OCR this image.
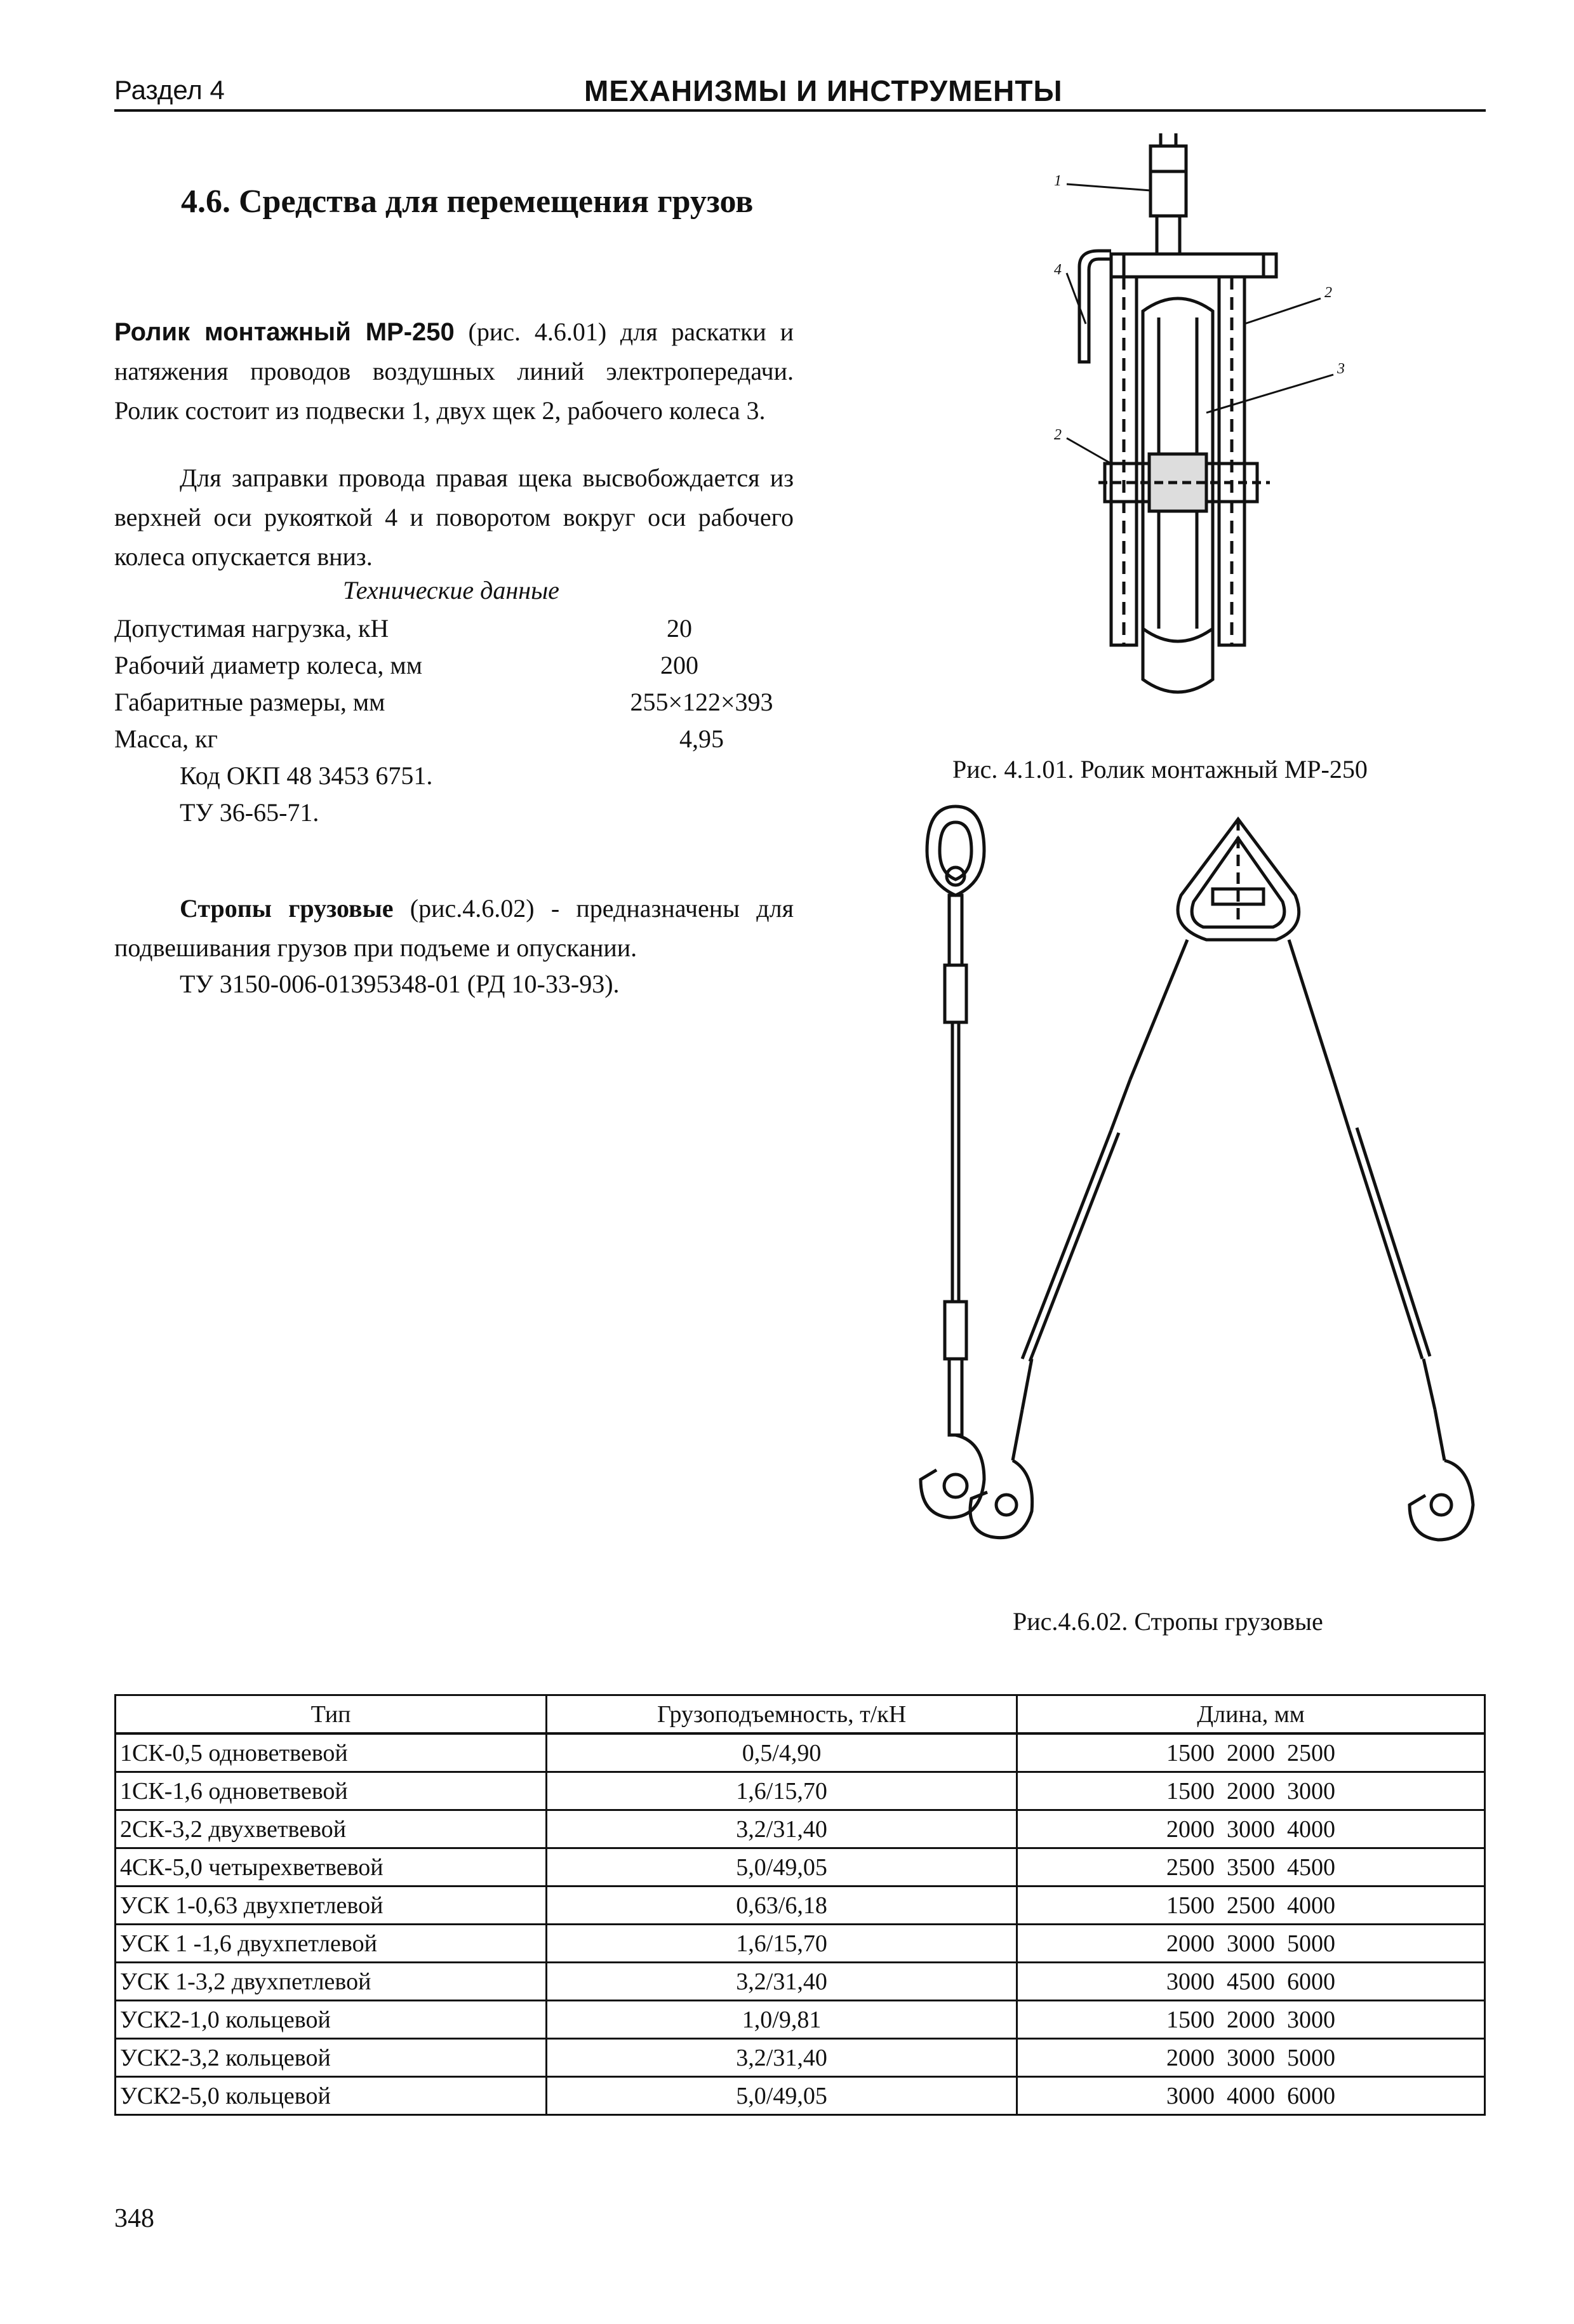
Раздел 4	МЕХАНИЗМЫ И ИНСТРУМЕНТЫ
4.6. Средства для перемещения грузов
Ролик монтажный МР-250 (рис. 4.6.01) для раскатки и натяжения проводов воздушных линий электропередачи. Ролик состоит из подвески 1, двух щек 2, рабочего колеса 3.
Для заправки провода правая щека высвобождается из верхней оси рукояткой 4 и поворотом вокруг оси рабочего колеса опускается вниз.
Технические данные
Допустимая нагрузка, кН	20
Рабочий диаметр колеса, мм	200
Габаритные размеры, мм	255×122×393
Масса, кг	4,95
Код ОКП 48 3453 6751.
ТУ 36-65-71.
Стропы грузовые (рис.4.6.02) - предназначены для подвешивания грузов при подъеме и опускании.
ТУ 3150-006-01395348-01 (РД 10-33-93).
1
4
2
3
2
Рис. 4.1.01. Ролик монтажный МР-250
Рис.4.6.02. Стропы грузовые
Тип	Грузоподъемность, т/кН	Длина, мм
1СК-0,5 одноветвевой	0,5/4,90	1500  2000  2500
1СК-1,6 одноветвевой	1,6/15,70	1500  2000  3000
2СК-3,2 двухветвевой	3,2/31,40	2000  3000  4000
4СК-5,0 четырехветвевой	5,0/49,05	2500  3500  4500
УСК 1-0,63 двухпетлевой	0,63/6,18	1500  2500  4000
УСК 1 -1,6 двухпетлевой	1,6/15,70	2000  3000  5000
УСК 1-3,2 двухпетлевой	3,2/31,40	3000  4500  6000
УСК2-1,0 кольцевой	1,0/9,81	1500  2000  3000
УСК2-3,2 кольцевой	3,2/31,40	2000  3000  5000
УСК2-5,0 кольцевой	5,0/49,05	3000  4000  6000
348
